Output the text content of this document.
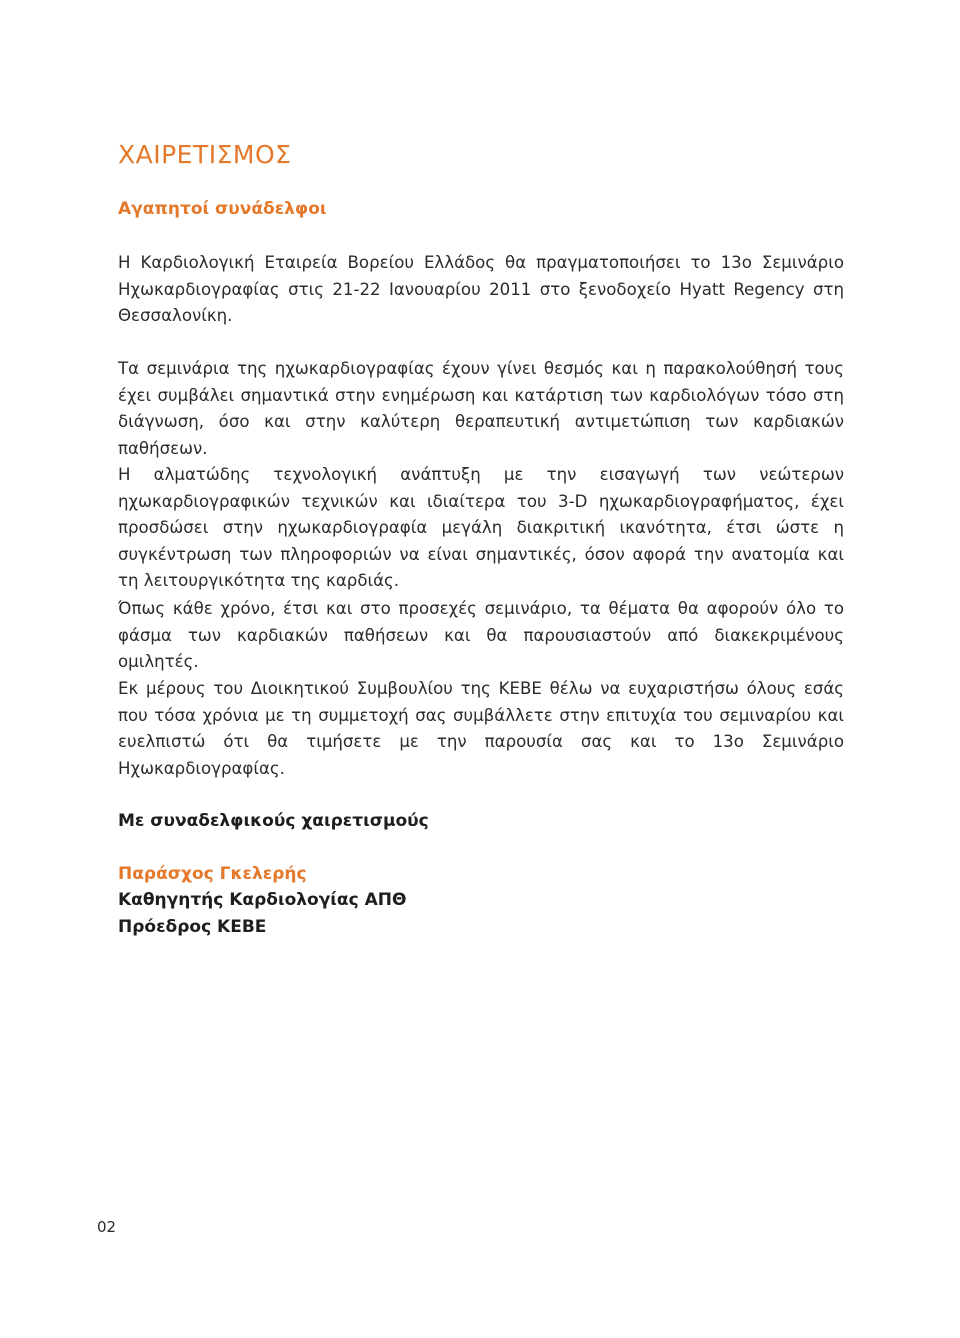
ΧΑΙΡΕΤΙΣΜΟΣ

Αγαπητοί συνάδελφοι

Η Καρδιολογική Εταιρεία Βορείου Ελλάδος θα πραγματοποιήσει το 13ο Σεμινάριο Ηχωκαρδιογραφίας στις 21-22 Ιανουαρίου 2011 στο ξενοδοχείο Hyatt Regency στη Θεσσαλονίκη.

Τα σεμινάρια της ηχωκαρδιογραφίας έχουν γίνει θεσμός και η παρακολούθησή τους έχει συμβάλει σημαντικά στην ενημέρωση και κατάρτιση των καρδιολόγων τόσο στη διάγνωση, όσο και στην καλύτερη θεραπευτική αντιμετώπιση των καρδιακών παθήσεων.

Η αλματώδης τεχνολογική ανάπτυξη με την εισαγωγή των νεώτερων ηχωκαρδιογραφικών τεχνικών και ιδιαίτερα του 3-D ηχωκαρδιογραφήματος, έχει προσδώσει στην ηχωκαρδιογραφία μεγάλη διακριτική ικανότητα, έτσι ώστε η συγκέντρωση των πληροφοριών να είναι σημαντικές, όσον αφορά την ανατομία και τη λειτουργικότητα της καρδιάς.

Όπως κάθε χρόνο, έτσι και στο προσεχές σεμινάριο, τα θέματα θα αφορούν όλο το φάσμα των καρδιακών παθήσεων και θα παρουσιαστούν από διακεκριμένους ομιλητές.

Εκ μέρους του Διοικητικού Συμβουλίου της ΚΕΒΕ θέλω να ευχαριστήσω όλους εσάς που τόσα χρόνια με τη συμμετοχή σας συμβάλλετε στην επιτυχία του σεμιναρίου και ευελπιστώ ότι θα τιμήσετε με την παρουσία σας και το 13ο Σεμινάριο Ηχωκαρδιογραφίας.

Με συναδελφικούς χαιρετισμούς

Παράσχος Γκελερής

Καθηγητής Καρδιολογίας ΑΠΘ

Πρόεδρος ΚΕΒΕ

02
